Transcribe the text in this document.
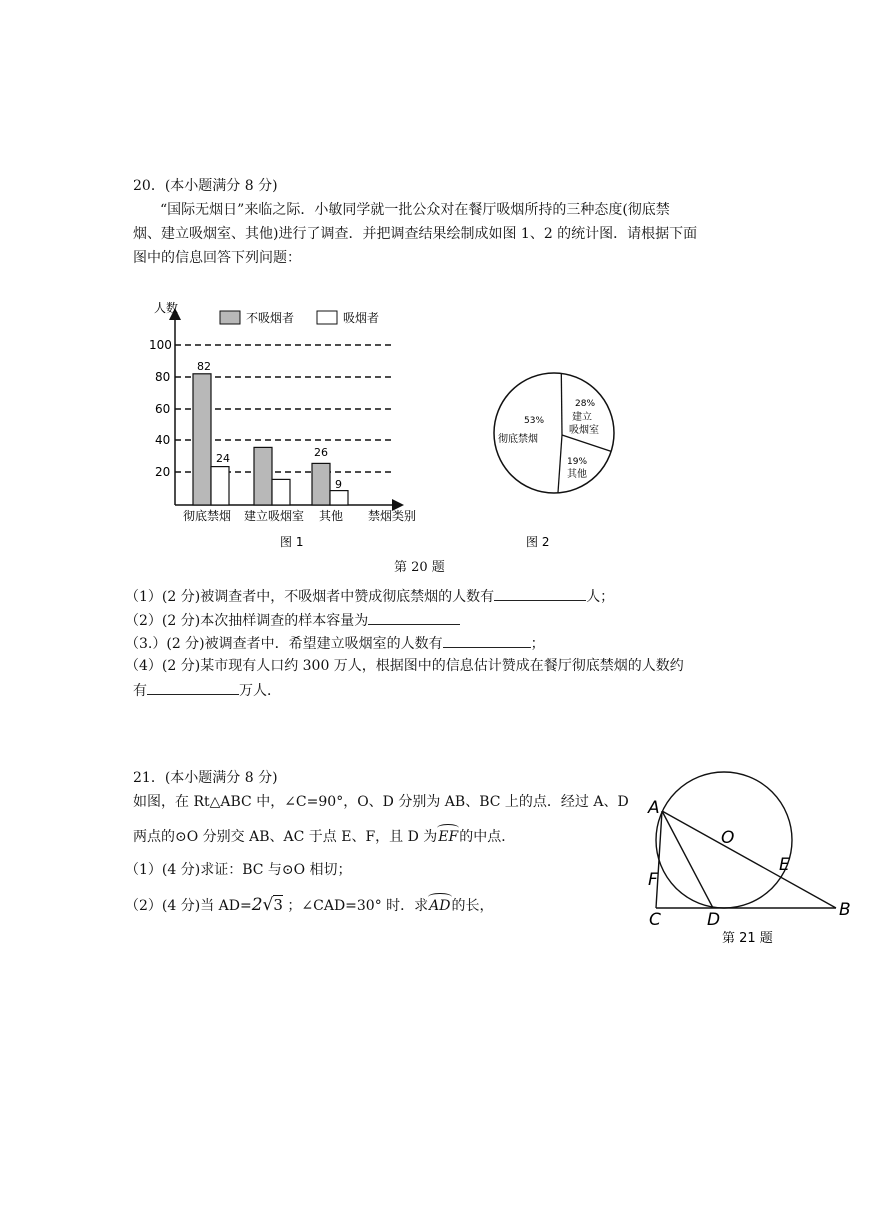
20．(本小题满分 8 分)
“国际无烟日”来临之际．小敏同学就一批公众对在餐厅吸烟所持的三种态度(彻底禁
烟、建立吸烟室、其他)进行了调查．并把调查结果绘制成如图 1、2 的统计图．请根据下面
图中的信息回答下列问题：
人数
禁烟类别
不吸烟者	吸烟者
100
80
60
40
20
82
24	26
9
彻底禁烟 建立吸烟室 其他
图 1
53%
彻底禁烟
28%
建立
吸烟室
19%
其他
图 2
第 20 题
（1）(2 分)被调查者中，不吸烟者中赞成彻底禁烟的人数有	人；
（2）(2 分)本次抽样调查的样本容量为
（3.）(2 分)被调查者中．希望建立吸烟室的人数有	；
（4）(2 分)某市现有人口约 300 万人，根据图中的信息估计赞成在餐厅彻底禁烟的人数约
有	万人．
21．(本小题满分 8 分)
如图，在 Rt△ABC 中，∠C=90°，O、D 分别为 AB、BC 上的点．经过 A、D
两点的⊙O 分别交 AB、AC 于点 E、F，且 D 为EF的中点．
（1）(4 分)求证：BC 与⊙O 相切；
（2）(4 分)当 AD=2√3 ；∠CAD=30° 时．求AD的长，
A
O
E
F
C	D	B
第 21 题
